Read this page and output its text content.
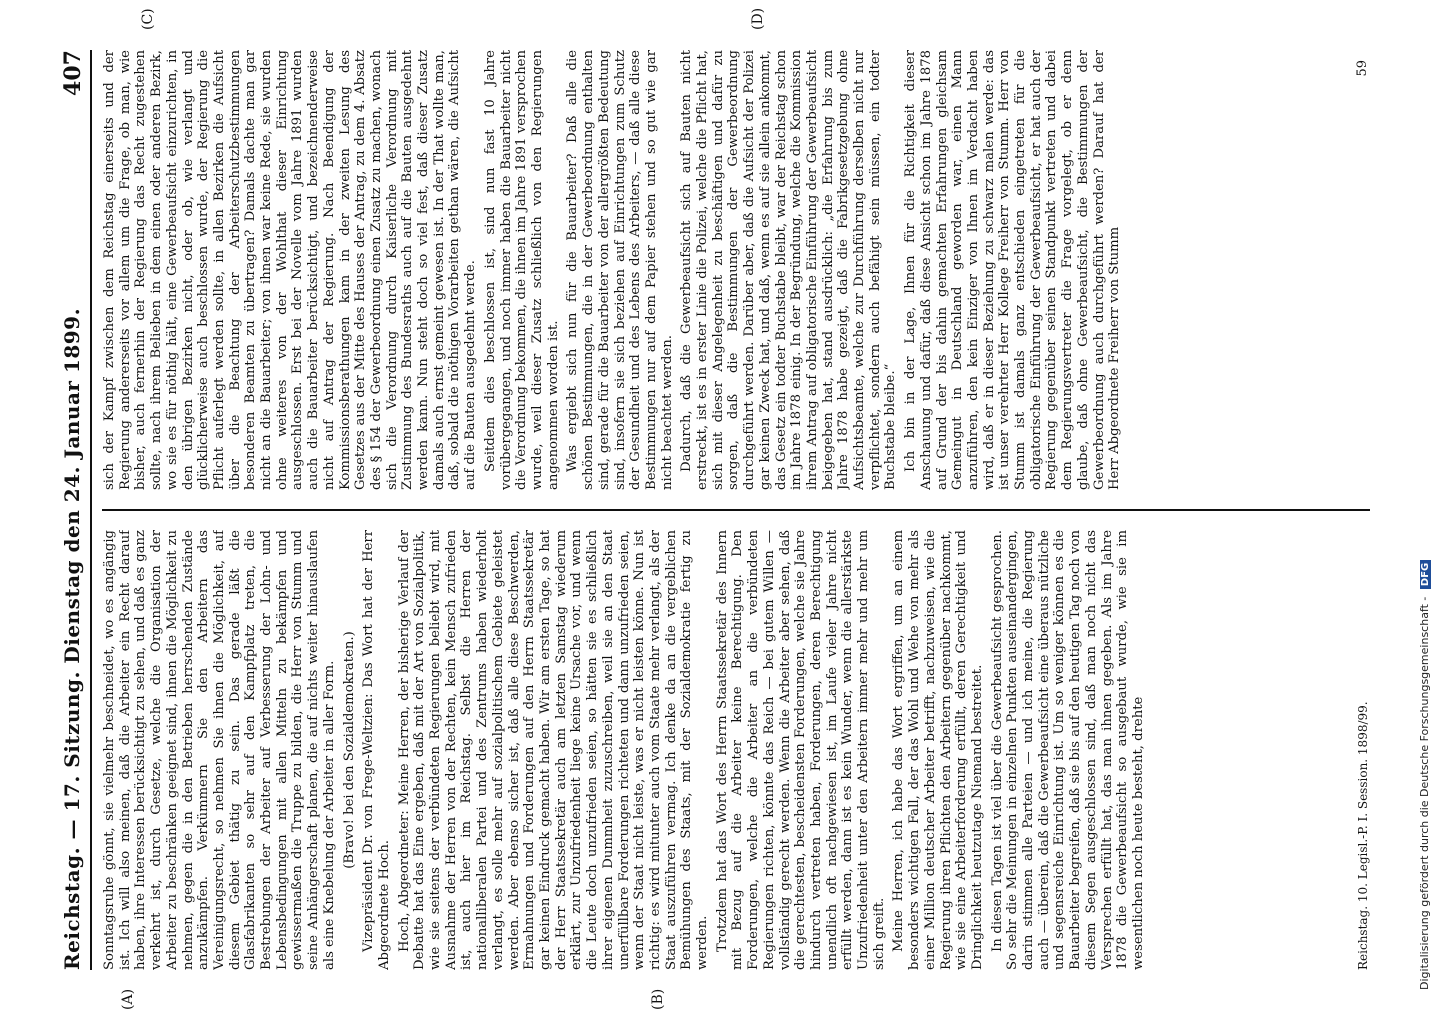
Reichstag. — 17. Sitzung. Dienstag den 24. Januar 1899.
407
(A)	(B)
(C)	(D)

Sonntagsruhe gönnt, sie vielmehr beschneidet, wo es angängig ist. Ich will also meinen, daß die Arbeiter ein Recht darauf haben, ihre Interessen berücksichtigt zu sehen, und daß es ganz verkehrt ist, durch Gesetze, welche die Organisation der Arbeiter zu beschränken geeignet sind, ihnen die Möglichkeit zu nehmen, gegen die in den Betrieben herrschenden Zustände anzukämpfen. Verkümmern Sie den Arbeitern das Vereinigungsrecht, so nehmen Sie ihnen die Möglichkeit, auf diesem Gebiet thätig zu sein. Das gerade läßt die Glasfabrikanten so sehr auf den Kampfplatz treten, die Bestrebungen der Arbeiter auf Verbesserung der Lohn- und Lebensbedingungen mit allen Mitteln zu bekämpfen und gewissermaßen die Truppe zu bilden, die Herr von Stumm und seine Anhängerschaft planen, die auf nichts weiter hinauslaufen als eine Knebelung der Arbeiter in aller Form. (Bravo! bei den Sozialdemokraten.) Vizepräsident Dr. von Frege-Weltzien: Das Wort hat der Herr Abgeordnete Hoch. Hoch, Abgeordneter: Meine Herren, der bisherige Verlauf der Debatte hat das Eine ergeben, daß mit der Art von Sozialpolitik, wie sie seitens der verbündeten Regierungen beliebt wird, mit Ausnahme der Herren von der Rechten, kein Mensch zufrieden ist, auch hier im Reichstag. Selbst die Herren der nationalliberalen Partei und des Zentrums haben wiederholt verlangt, es solle mehr auf sozialpolitischem Gebiete geleistet werden. Aber ebenso sicher ist, daß alle diese Beschwerden, Ermahnungen und Forderungen auf den Herrn Staatssekretär gar keinen Eindruck gemacht haben. Wir am ersten Tage, so hat der Herr Staatssekretär auch am letzten Samstag wiederum erklärt, zur Unzufriedenheit liege keine Ursache vor, und wenn die Leute doch unzufrieden seien, so hätten sie es schließlich ihrer eigenen Dummheit zuzuschreiben, weil sie an den Staat unerfüllbare Forderungen richteten und dann unzufrieden seien, wenn der Staat nicht leiste, was er nicht leisten könne. Nun ist richtig: es wird mitunter auch vom Staate mehr verlangt, als der Staat auszuführen vermag. Ich denke da an die vergeblichen Bemühungen des Staats, mit der Sozialdemokratie fertig zu werden. Trotzdem hat das Wort des Herrn Staatssekretär des Innern mit Bezug auf die Arbeiter keine Berechtigung. Den Forderungen, welche die Arbeiter an die verbündeten Regierungen richten, könnte das Reich — bei gutem Willen — vollständig gerecht werden. Wenn die Arbeiter aber sehen, daß die gerechtesten, bescheidensten Forderungen, welche sie Jahre hindurch vertreten haben, Forderungen, deren Berechtigung unendlich oft nachgewiesen ist, im Laufe vieler Jahre nicht erfüllt werden, dann ist es kein Wunder, wenn die allerstärkste Unzufriedenheit unter den Arbeitern immer mehr und mehr um sich greift. Meine Herren, ich habe das Wort ergriffen, um an einem besonders wichtigen Fall, der das Wohl und Wehe von mehr als einer Million deutscher Arbeiter betrifft, nachzuweisen, wie die Regierung ihren Pflichten den Arbeitern gegenüber nachkommt, wie sie eine Arbeiterforderung erfüllt, deren Gerechtigkeit und Dringlichkeit heutzutage Niemand bestreitet. In diesen Tagen ist viel über die Gewerbeaufsicht gesprochen. So sehr die Meinungen in einzelnen Punkten auseinandergingen, darin stimmen alle Parteien — und ich meine, die Regierung auch — überein, daß die Gewerbeaufsicht eine überaus nützliche und segensreiche Einrichtung ist. Um so weniger können es die Bauarbeiter begreifen, daß sie bis auf den heutigen Tag noch von diesem Segen ausgeschlossen sind, daß man noch nicht das Versprechen erfüllt hat, das man ihnen gegeben. Als im Jahre 1878 die Gewerbeaufsicht so ausgebaut wurde, wie sie im wesentlichen noch heute besteht, drehte	Reichstag. 10. Legisl.-P. I. Session. 1898/99.

sich der Kampf zwischen dem Reichstag einerseits und der Regierung andererseits vor allem um die Frage, ob man, wie bisher, auch fernerhin der Regierung das Recht zugestehen sollte, nach ihrem Belieben in dem einen oder anderen Bezirk, wo sie es für nöthig hält, eine Gewerbeaufsicht einzurichten, in den übrigen Bezirken nicht, oder ob, wie verlangt und glücklicherweise auch beschlossen wurde, der Regierung die Pflicht auferlegt werden sollte, in allen Bezirken die Aufsicht über die Beachtung der Arbeiterschutzbestimmungen besonderen Beamten zu übertragen? Damals dachte man gar nicht an die Bauarbeiter; von ihnen war keine Rede, sie wurden ohne weiteres von der Wohlthat dieser Einrichtung ausgeschlossen. Erst bei der Novelle vom Jahre 1891 wurden auch die Bauarbeiter berücksichtigt, und bezeichnenderweise nicht auf Antrag der Regierung. Nach Beendigung der Kommissionsberathungen kam in der zweiten Lesung des Gesetzes aus der Mitte des Hauses der Antrag, zu dem 4. Absatz des § 154 der Gewerbeordnung einen Zusatz zu machen, wonach sich die Verordnung durch Kaiserliche Verordnung mit Zustimmung des Bundesraths auch auf die Bauten ausgedehnt werden kann. Nun steht doch so viel fest, daß dieser Zusatz damals auch ernst gemeint gewesen ist. In der That wollte man, daß, sobald die nöthigen Vorarbeiten gethan wären, die Aufsicht auf die Bauten ausgedehnt werde. Seitdem dies beschlossen ist, sind nun fast 10 Jahre vorübergegangen, und noch immer haben die Bauarbeiter nicht die Verordnung bekommen, die ihnen im Jahre 1891 versprochen wurde, weil dieser Zusatz schließlich von den Regierungen angenommen worden ist. Was ergiebt sich nun für die Bauarbeiter? Daß alle die schönen Bestimmungen, die in der Gewerbeordnung enthalten sind, gerade für die Bauarbeiter von der allergrößten Bedeutung sind, insofern sie sich beziehen auf Einrichtungen zum Schutz der Gesundheit und des Lebens des Arbeiters, — daß alle diese Bestimmungen nur auf dem Papier stehen und so gut wie gar nicht beachtet werden. Dadurch, daß die Gewerbeaufsicht sich auf Bauten nicht erstreckt, ist es in erster Linie die Polizei, welche die Pflicht hat, sich mit dieser Angelegenheit zu beschäftigen und dafür zu sorgen, daß die Bestimmungen der Gewerbeordnung durchgeführt werden. Darüber aber, daß die Aufsicht der Polizei gar keinen Zweck hat, und daß, wenn es auf sie allein ankommt, das Gesetz ein todter Buchstabe bleibt, war der Reichstag schon im Jahre 1878 einig. In der Begründung, welche die Kommission ihrem Antrag auf obligatorische Einführung der Gewerbeaufsicht beigegeben hat, stand ausdrücklich: „die Erfahrung bis zum Jahre 1878 habe gezeigt, daß die Fabrikgesetzgebung ohne Aufsichtsbeamte, welche zur Durchführung derselben nicht nur verpflichtet, sondern auch befähigt sein müssen, ein todter Buchstabe bleibe.“ Ich bin in der Lage, Ihnen für die Richtigkeit dieser Anschauung und dafür, daß diese Ansicht schon im Jahre 1878 auf Grund der bis dahin gemachten Erfahrungen gleichsam Gemeingut in Deutschland geworden war, einen Mann anzuführen, den kein Einziger von Ihnen im Verdacht haben wird, daß er in dieser Beziehung zu schwarz malen werde: das ist unser verehrter Herr Kollege Freiherr von Stumm. Herr von Stumm ist damals ganz entschieden eingetreten für die obligatorische Einführung der Gewerbeaufsicht, er hat auch der Regierung gegenüber seinen Standpunkt vertreten und dabei dem Regierungsvertreter die Frage vorgelegt, ob er denn glaube, daß ohne Gewerbeaufsicht, die Bestimmungen der Gewerbeordnung auch durchgeführt werden? Darauf hat der Herr Abgeordnete Freiherr von Stumm

59
Digitalisierung gefördert durch die Deutsche Forschungsgemeinschaft - DFG
